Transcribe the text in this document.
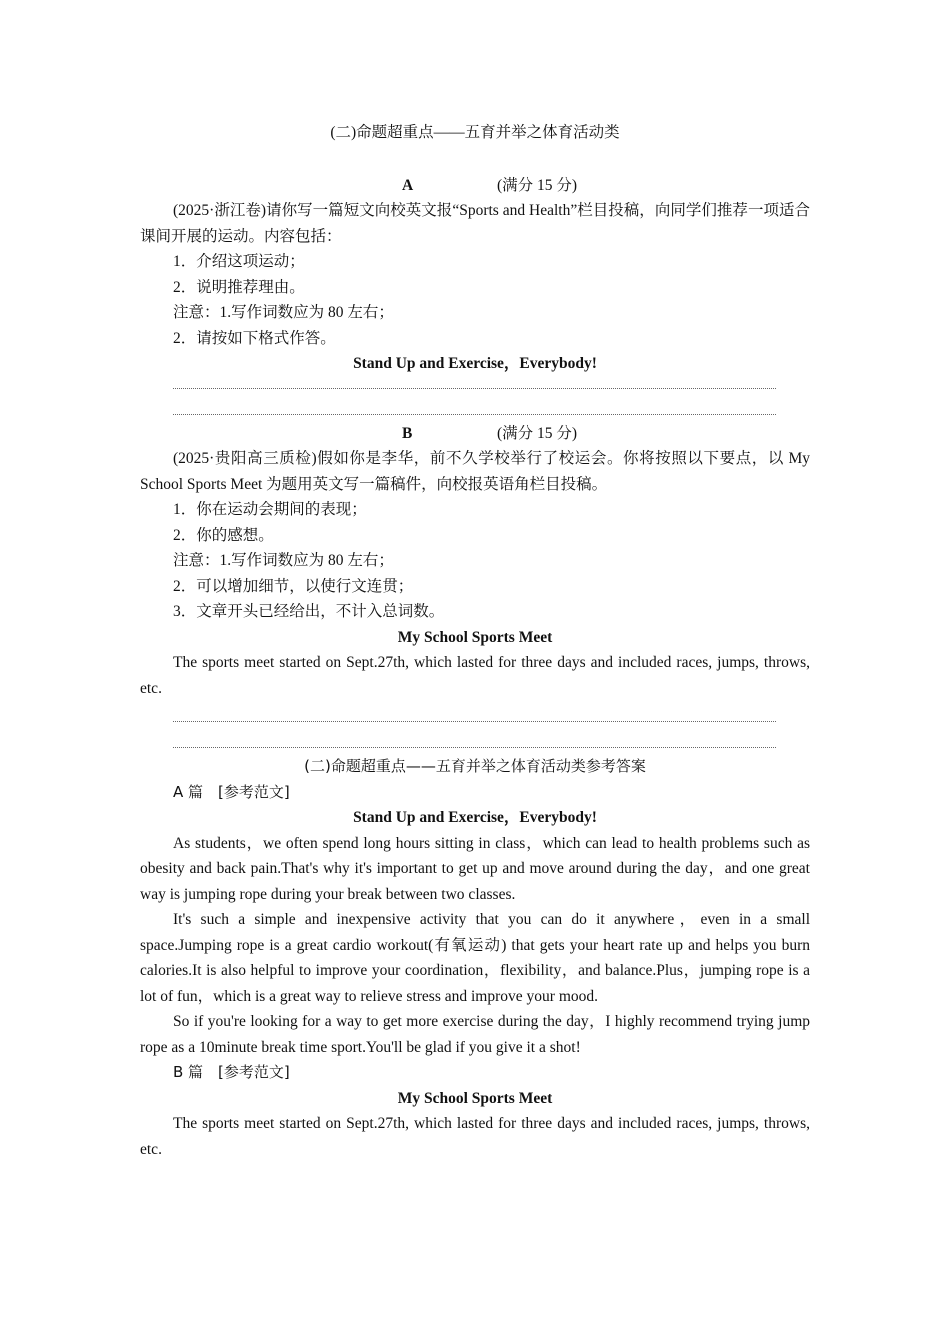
(二)命题超重点——五育并举之体育活动类
A	(满分 15 分)

(2025·浙江卷)请你写一篇短文向校英文报“Sports and Health”栏目投稿，向同学们推荐一项适合课间开展的运动。内容包括：

1．介绍这项运动；

2．说明推荐理由。

注意：1.写作词数应为 80 左右；

2．请按如下格式作答。

Stand Up and Exercise，Everybody!
B	(满分 15 分)

(2025·贵阳高三质检)假如你是李华，前不久学校举行了校运会。你将按照以下要点，以 My School Sports Meet 为题用英文写一篇稿件，向校报英语角栏目投稿。

1．你在运动会期间的表现；

2．你的感想。

注意：1.写作词数应为 80 左右；

2．可以增加细节，以使行文连贯；

3．文章开头已经给出，不计入总词数。

My School Sports Meet

The sports meet started on Sept.27th, which lasted for three days and included races, jumps, throws, etc.

(二)命题超重点——五育并举之体育活动类参考答案
A 篇　[参考范文]
Stand Up and Exercise，Everybody!

As students，we often spend long hours sitting in class，which can lead to health problems such as obesity and back pain.That's why it's important to get up and move around during the day，and one great way is jumping rope during your break between two classes.

It's such a simple and inexpensive activity that you can do it anywhere，even in a small space.Jumping rope is a great cardio workout(有氧运动) that gets your heart rate up and helps you burn calories.It is also helpful to improve your coordination，flexibility，and balance.Plus，jumping rope is a lot of fun，which is a great way to relieve stress and improve your mood.

So if you're looking for a way to get more exercise during the day，I highly recommend trying jump rope as a 10minute break time sport.You'll be glad if you give it a shot!

B 篇　[参考范文]
My School Sports Meet

The sports meet started on Sept.27th, which lasted for three days and included races, jumps, throws, etc.
